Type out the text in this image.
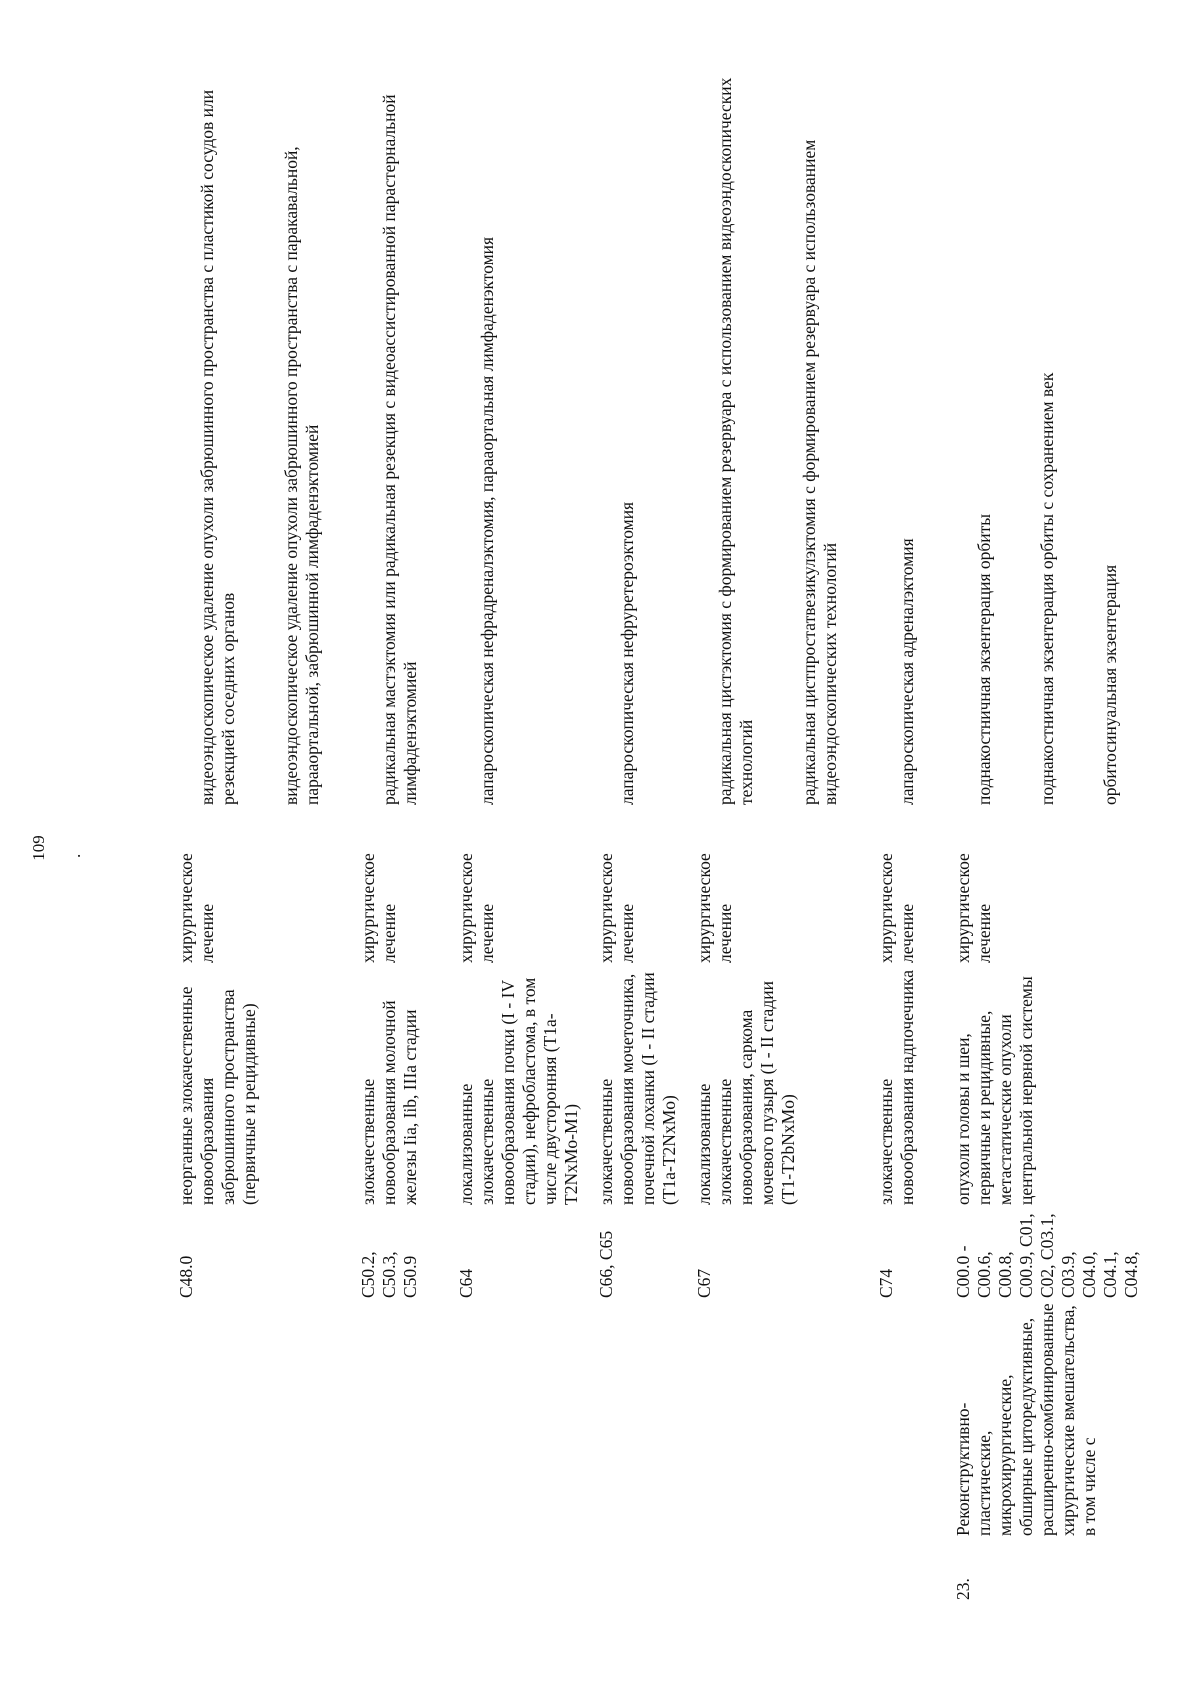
109 .
		C48.0	неорганные злокачественные новообразования забрюшинного пространства (первичные и рецидивные)	хирургическое лечение	видеоэндоскопическое удаление опухоли забрюшинного пространства с пластикой сосудов или резекцией соседних органов видеоэндоскопическое удаление опухоли забрюшинного пространства с паракавальной, парааортальной, забрюшинной лимфаденэктомией

		C50.2, C50.3, C50.9	злокачественные новообразования молочной железы Iia, Iib, IIIa стадии	хирургическое лечение	радикальная мастэктомия или радикальная резекция с видеоассистированной парастернальной лимфаденэктомией

		C64	локализованные злокачественные новообразования почки (I - IV стадии), нефробластома, в том числе двусторонняя (T1a-T2NxMo-M1)	хирургическое лечение	лапароскопическая нефрадреналэктомия, парааортальная лимфаденэктомия

		C66, C65	злокачественные новообразования мочеточника, почечной лоханки (I - II стадии (T1a-T2NxMo)	хирургическое лечение	лапароскопическая нефруретероэктомия

		C67	локализованные злокачественные новообразования, саркома мочевого пузыря (I - II стадии (T1-T2bNxMo)	хирургическое лечение	радикальная цистэктомия с формированием резервуара с использованием видеоэндоскопических технологий радикальная цистпростатвезикулэктомия с формированием резервуара с использованием видеоэндоскопических технологий

		C74	злокачественные новообразования надпочечника	хирургическое лечение	лапароскопическая адреналэктомия

23.	Реконструктивно-пластические, микрохирургические, обширные циторедуктивные, расширенно-комбинированные хирургические вмешательства, в том числе с	C00.0 - C00.6, C00.8, C00.9, C01, C02, C03.1, C03.9, C04.0, C04.1, C04.8,	опухоли головы и шеи, первичные и рецидивные, метастатические опухоли центральной нервной системы	хирургическое лечение	поднакостничная экзентерация орбиты поднакостничная экзентерация орбиты с сохранением век орбитосинуальная экзентерация
